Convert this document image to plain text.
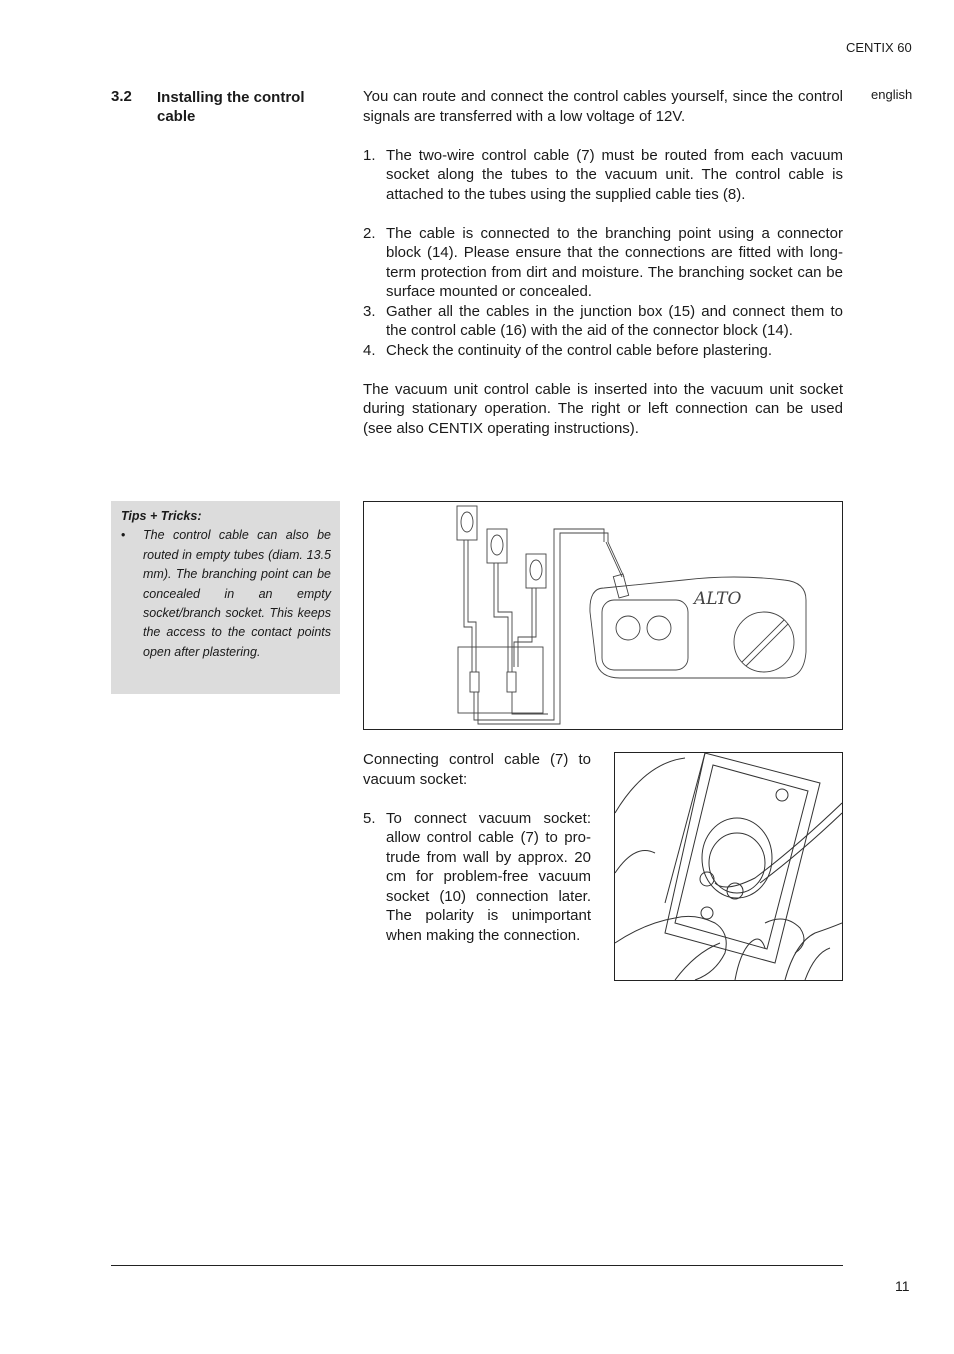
CENTIX 60
english
3.2 Installing the control cable

You can route and connect the control cables yourself, since the control signals are transferred with a low voltage of 12V.

1. The two-wire control cable (7) must be routed from each vacuum socket along the tubes to the vacuum unit. The control cable is attached to the tubes using the supplied cable ties (8).
2. The cable is connected to the branching point using a connector block (14). Please ensure that the connections are fitted with long-term protection from dirt and moisture. The branching socket can be surface mounted or concealed.
3. Gather all the cables in the junction box (15) and connect them to the control cable (16) with the aid of the connector block (14).
4. Check the continuity of the control cable before plastering.

The vacuum unit control cable is inserted into the vacuum unit socket during stationary operation. The right or left connection can be used (see also CENTIX operating instructions).

Tips + Tricks:
•	The control cable can also be routed in empty tubes (diam. 13.5 mm). The branching point can be concealed in an empty socket/branch socket. This keeps the access to the contact points open after plastering.
ALTO

Connecting control cable (7) to vacuum socket:

5. To connect vacuum socket: allow control cable (7) to protrude from wall by approx. 20 cm for problem-free vacuum socket (10) connection later. The polarity is unimportant when making the connection.
11
